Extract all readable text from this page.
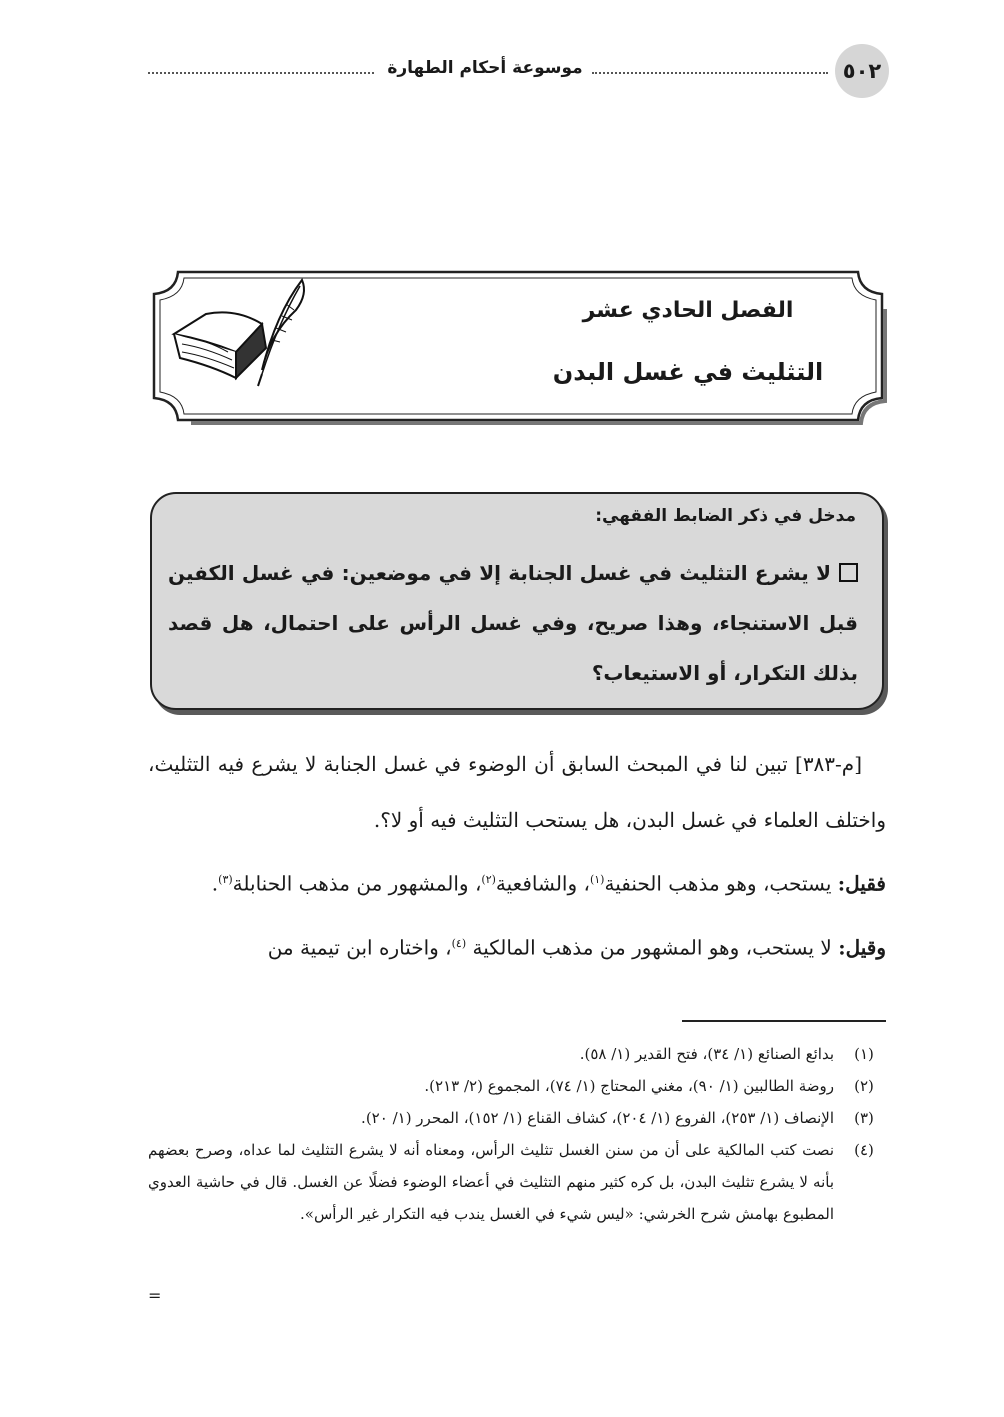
٥٠٢
موسوعة أحكام الطهارة
الفصل الحادي عشر
التثليث في غسل البدن
مدخل في ذكر الضابط الفقهي:
لا يشرع التثليث في غسل الجنابة إلا في موضعين: في غسل الكفين قبل الاستنجاء، وهذا صريح، وفي غسل الرأس على احتمال، هل قصد بذلك التكرار، أو الاستيعاب؟

[م-٣٨٣] تبين لنا في المبحث السابق أن الوضوء في غسل الجنابة لا يشرع فيه التثليث، واختلف العلماء في غسل البدن، هل يستحب التثليث فيه أو لا؟.

فقيل: يستحب، وهو مذهب الحنفية$^{(١)}$، والشافعية$^{(٢)}$، والمشهور من مذهب الحنابلة$^{(٣)}$.

وقيل: لا يستحب، وهو المشهور من مذهب المالكية $^{(٤)}$، واختاره ابن تيمية من

(١)
بدائع الصنائع (١/ ٣٤)، فتح القدير (١/ ٥٨).
(٢)
روضة الطالبين (١/ ٩٠)، مغني المحتاج (١/ ٧٤)، المجموع (٢/ ٢١٣).
(٣)
الإنصاف (١/ ٢٥٣)، الفروع (١/ ٢٠٤)، كشاف القناع (١/ ١٥٢)، المحرر (١/ ٢٠).
(٤)
نصت كتب المالكية على أن من سنن الغسل تثليث الرأس، ومعناه أنه لا يشرع التثليث لما عداه، وصرح بعضهم بأنه لا يشرع تثليث البدن، بل كره كثير منهم التثليث في أعضاء الوضوء فضلًا عن الغسل. قال في حاشية العدوي المطبوع بهامش شرح الخرشي: «ليس شيء في الغسل يندب فيه التكرار غير الرأس».
=
